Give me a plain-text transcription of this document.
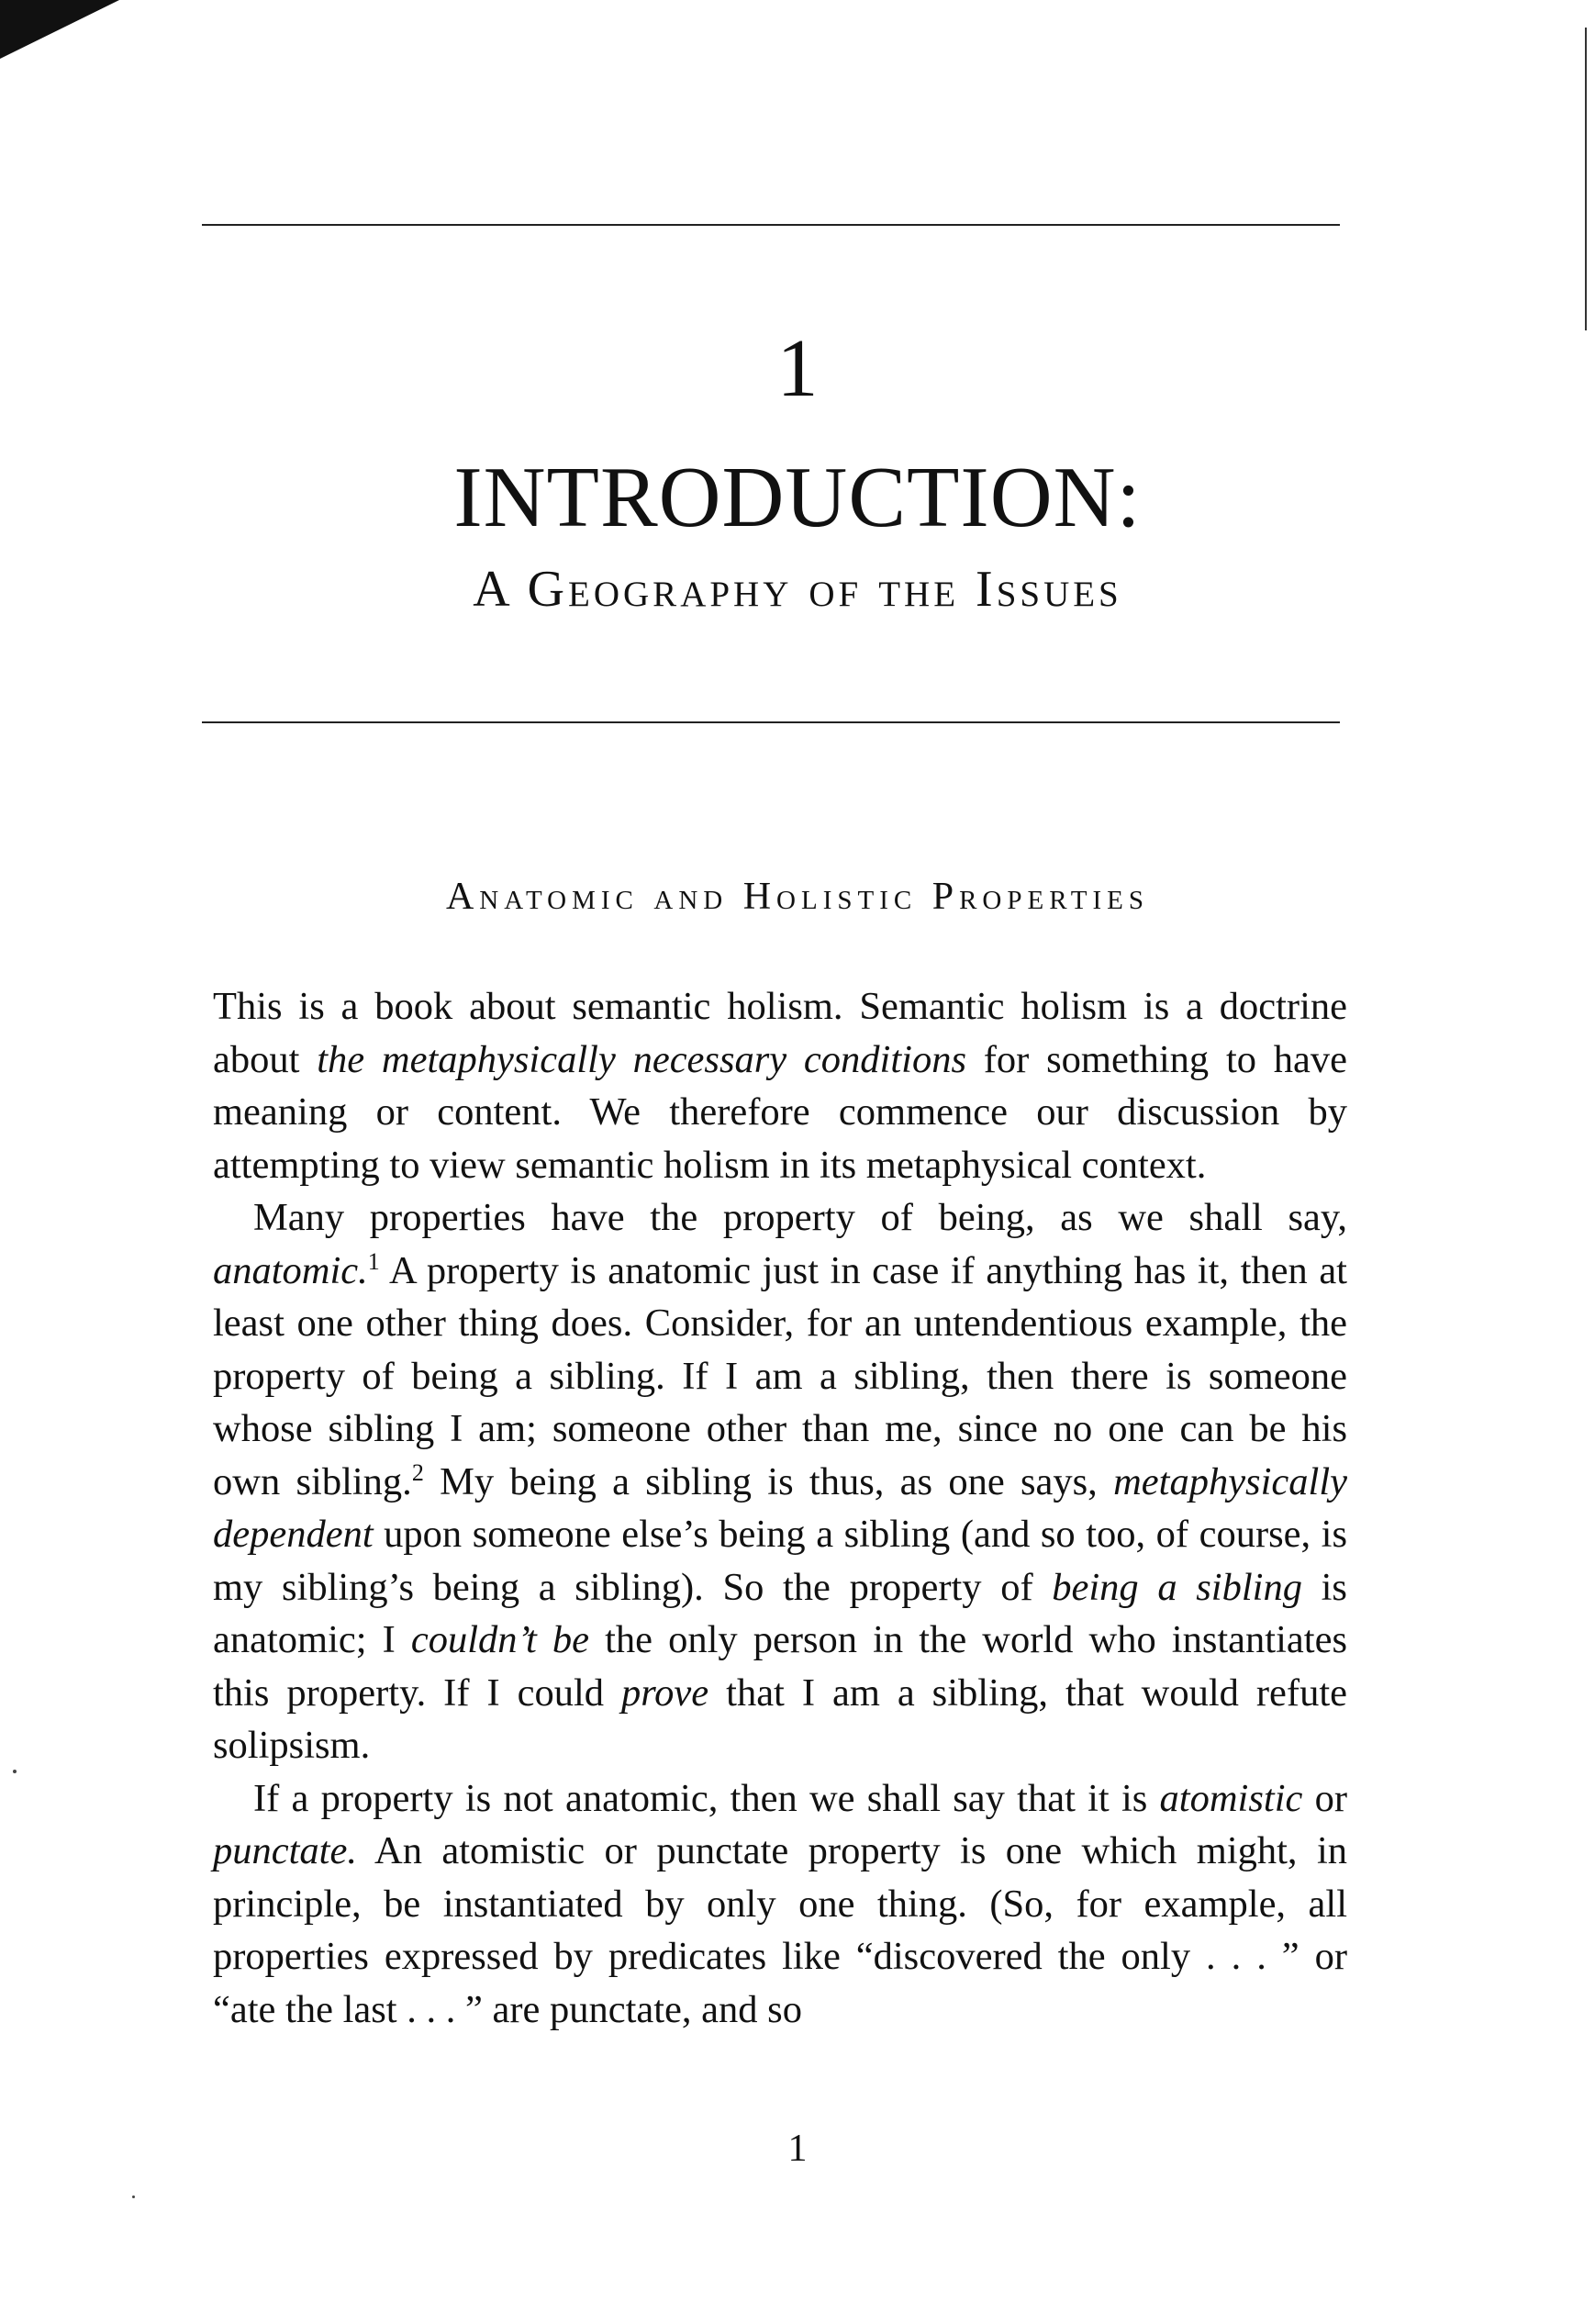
1
INTRODUCTION:
A Geography of the Issues
Anatomic and Holistic Properties

This is a book about semantic holism. Semantic holism is a doctrine about the metaphysically necessary conditions for something to have meaning or content. We therefore commence our discussion by attempting to view semantic holism in its metaphysical context.

Many properties have the property of being, as we shall say, anatomic.$^1$ A property is anatomic just in case if anything has it, then at least one other thing does. Consider, for an untendentious example, the property of being a sibling. If I am a sibling, then there is someone whose sibling I am; someone other than me, since no one can be his own sibling.$^2$ My being a sibling is thus, as one says, metaphysically dependent upon someone else’s being a sibling (and so too, of course, is my sibling’s being a sibling). So the property of being a sibling is anatomic; I couldn’t be the only person in the world who instantiates this property. If I could prove that I am a sibling, that would refute solipsism.

If a property is not anatomic, then we shall say that it is atomistic or punctate. An atomistic or punctate property is one which might, in principle, be instantiated by only one thing. (So, for example, all properties expressed by predicates like “discovered the only . . . ” or “ate the last . . . ” are punctate, and so

1
